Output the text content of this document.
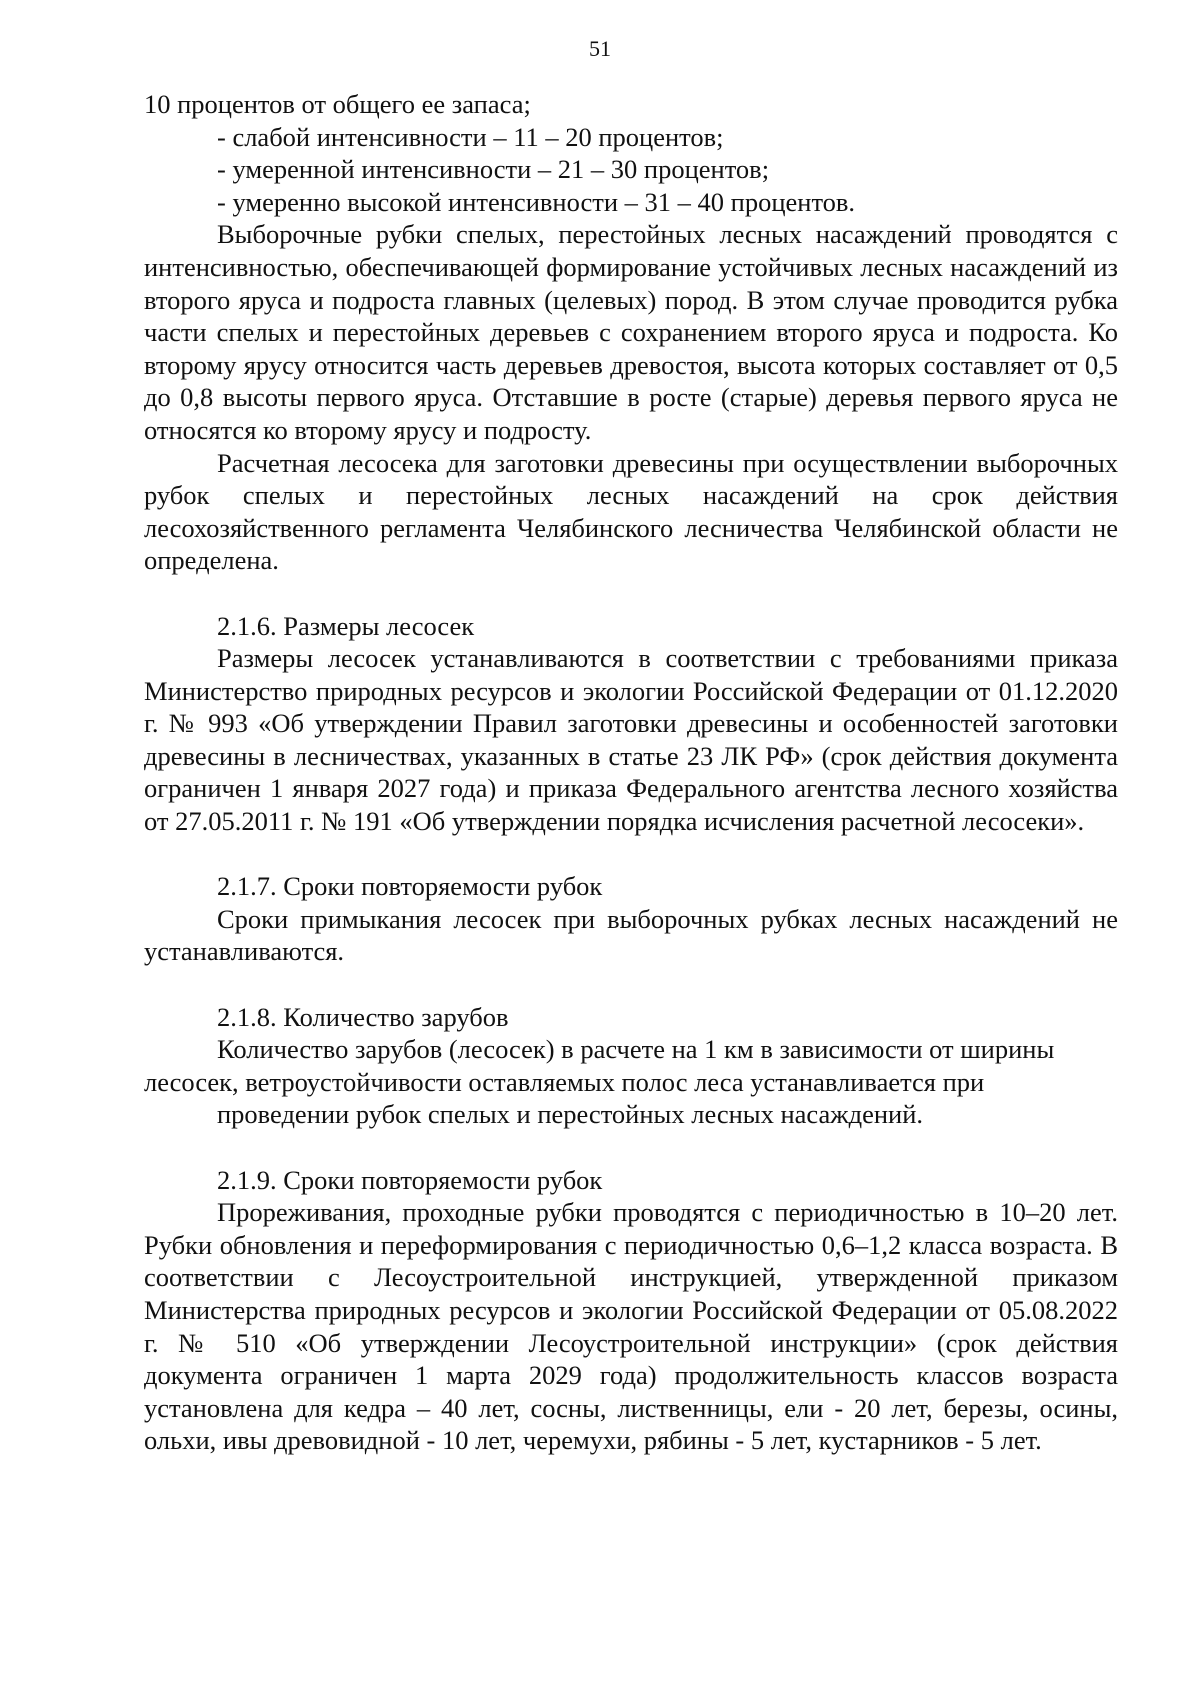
51

10 процентов от общего ее запаса;

- слабой интенсивности – 11 – 20 процентов;

- умеренной интенсивности – 21 – 30 процентов;

- умеренно высокой интенсивности – 31 – 40 процентов.

Выборочные рубки спелых, перестойных лесных насаждений проводятся с интенсивностью, обеспечивающей формирование устойчивых лесных насаждений из второго яруса и подроста главных (целевых) пород. В этом случае проводится рубка части спелых и перестойных деревьев с сохранением второго яруса и подроста. Ко второму ярусу относится часть деревьев древостоя, высота которых составляет от 0,5 до 0,8 высоты первого яруса. Отставшие в росте (старые) деревья первого яруса не относятся ко второму ярусу и подросту.

Расчетная лесосека для заготовки древесины при осуществлении выборочных рубок спелых и перестойных лесных насаждений на срок действия лесохозяйственного регламента Челябинского лесничества Челябинской области не определена.

2.1.6. Размеры лесосек

Размеры лесосек устанавливаются в соответствии с требованиями приказа Министерство природных ресурсов и экологии Российской Федерации от 01.12.2020 г. № 993 «Об утверждении Правил заготовки древесины и особенностей заготовки древесины в лесничествах, указанных в статье 23 ЛК РФ» (срок действия документа ограничен 1 января 2027 года) и приказа Федерального агентства лесного хозяйства от 27.05.2011 г. № 191 «Об утверждении порядка исчисления расчетной лесосеки».

2.1.7. Сроки повторяемости рубок

Сроки примыкания лесосек при выборочных рубках лесных насаждений не устанавливаются.

2.1.8. Количество зарубов

Количество зарубов (лесосек) в расчете на 1 км в зависимости от ширины лесосек, ветроустойчивости оставляемых полос леса устанавливается при

проведении рубок спелых и перестойных лесных насаждений.

2.1.9. Сроки повторяемости рубок

Прореживания, проходные рубки проводятся с периодичностью в 10–20 лет. Рубки обновления и переформирования с периодичностью 0,6–1,2 класса возраста. В соответствии с Лесоустроительной инструкцией, утвержденной приказом Министерства природных ресурсов и экологии Российской Федерации от 05.08.2022 г. № 510 «Об утверждении Лесоустроительной инструкции» (срок действия документа ограничен 1 марта 2029 года) продолжительность классов возраста установлена для кедра – 40 лет, сосны, лиственницы, ели - 20 лет, березы, осины, ольхи, ивы древовидной - 10 лет, черемухи, рябины - 5 лет, кустарников - 5 лет.
